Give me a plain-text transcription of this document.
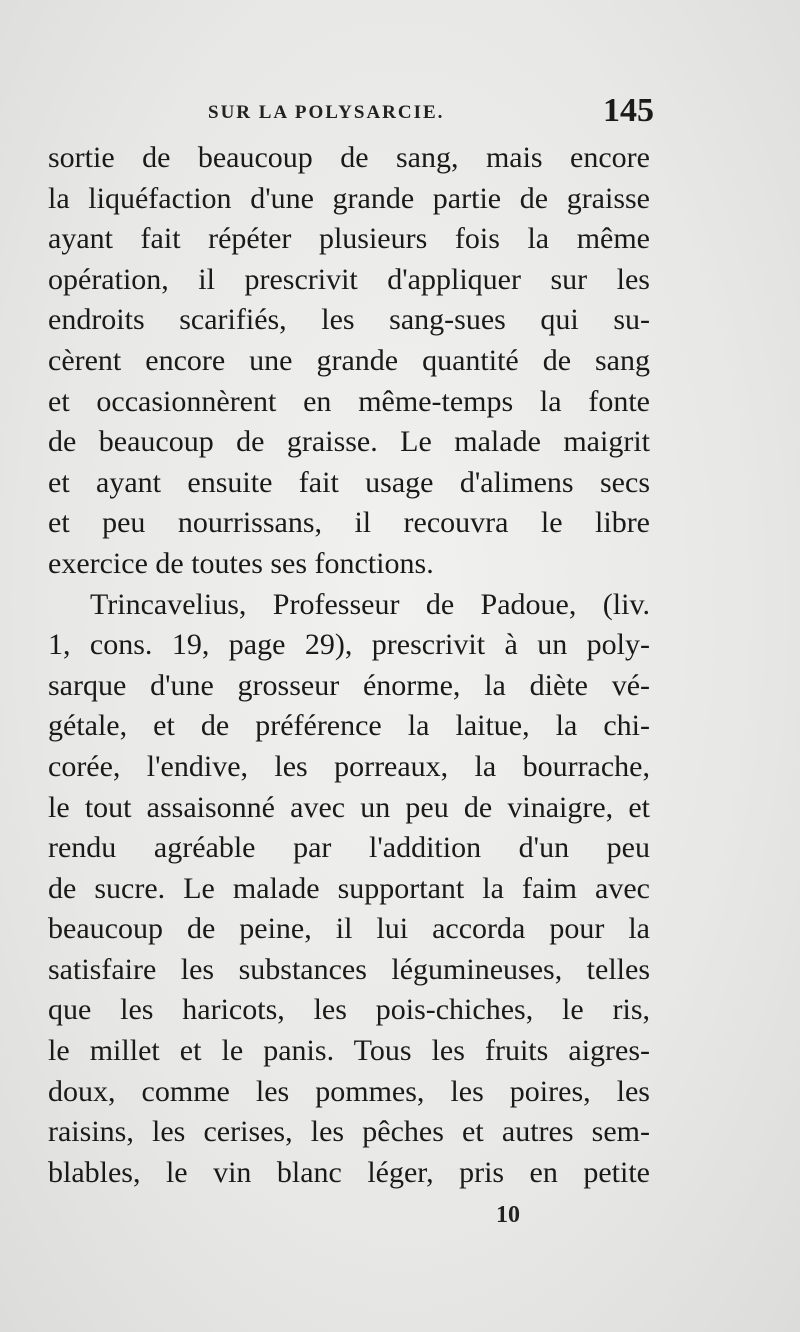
SUR LA POLYSARCIE.	145
sortie de beaucoup de sang, mais encore
la liquéfaction d'une grande partie de graisse
ayant fait répéter plusieurs fois la même
opération, il prescrivit d'appliquer sur les
endroits scarifiés, les sang-sues qui su-
cèrent encore une grande quantité de sang
et occasionnèrent en même-temps la fonte
de beaucoup de graisse. Le malade maigrit
et ayant ensuite fait usage d'alimens secs
et peu nourrissans, il recouvra le libre
exercice de toutes ses fonctions.
Trincavelius, Professeur de Padoue, (liv.
1, cons. 19, page 29), prescrivit à un poly-
sarque d'une grosseur énorme, la diète vé-
gétale, et de préférence la laitue, la chi-
corée, l'endive, les porreaux, la bourrache,
le tout assaisonné avec un peu de vinaigre, et
rendu agréable par l'addition d'un peu
de sucre. Le malade supportant la faim avec
beaucoup de peine, il lui accorda pour la
satisfaire les substances légumineuses, telles
que les haricots, les pois-chiches, le ris,
le millet et le panis. Tous les fruits aigres-
doux, comme les pommes, les poires, les
raisins, les cerises, les pêches et autres sem-
blables, le vin blanc léger, pris en petite
10
